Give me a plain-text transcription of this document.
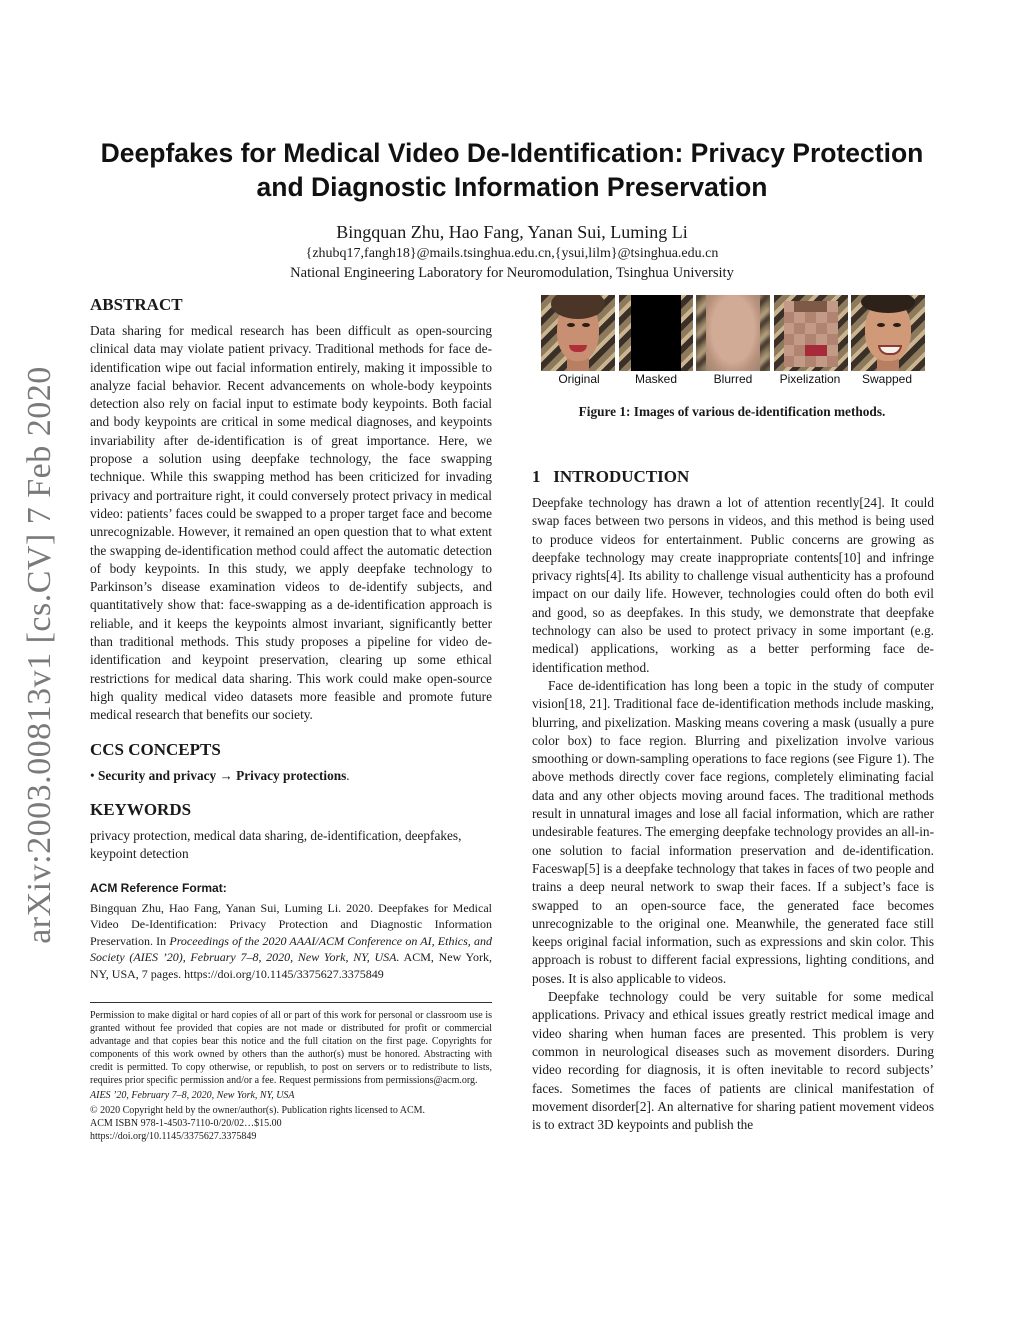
arXiv:2003.00813v1 [cs.CV] 7 Feb 2020
Deepfakes for Medical Video De-Identification: Privacy Protection and Diagnostic Information Preservation
Bingquan Zhu, Hao Fang, Yanan Sui, Luming Li
{zhubq17,fangh18}@mails.tsinghua.edu.cn,{ysui,lilm}@tsinghua.edu.cn
National Engineering Laboratory for Neuromodulation, Tsinghua University
ABSTRACT

Data sharing for medical research has been difficult as open-sourcing clinical data may violate patient privacy. Traditional methods for face de-identification wipe out facial information entirely, making it impossible to analyze facial behavior. Recent advancements on whole-body keypoints detection also rely on facial input to estimate body keypoints. Both facial and body keypoints are critical in some medical diagnoses, and keypoints invariability after de-identification is of great importance. Here, we propose a solution using deepfake technology, the face swapping technique. While this swapping method has been criticized for invading privacy and portraiture right, it could conversely protect privacy in medical video: patients’ faces could be swapped to a proper target face and become unrecognizable. However, it remained an open question that to what extent the swapping de-identification method could affect the automatic detection of body keypoints. In this study, we apply deepfake technology to Parkinson’s disease examination videos to de-identify subjects, and quantitatively show that: face-swapping as a de-identification approach is reliable, and it keeps the keypoints almost invariant, significantly better than traditional methods. This study proposes a pipeline for video de-identification and keypoint preservation, clearing up some ethical restrictions for medical data sharing. This work could make open-source high quality medical video datasets more feasible and promote future medical research that benefits our society.

CCS CONCEPTS

• Security and privacy → Privacy protections.

KEYWORDS

privacy protection, medical data sharing, de-identification, deepfakes, keypoint detection

ACM Reference Format:

Bingquan Zhu, Hao Fang, Yanan Sui, Luming Li. 2020. Deepfakes for Medical Video De-Identification: Privacy Protection and Diagnostic Information Preservation. In Proceedings of the 2020 AAAI/ACM Conference on AI, Ethics, and Society (AIES ’20), February 7–8, 2020, New York, NY, USA. ACM, New York, NY, USA, 7 pages. https://doi.org/10.1145/3375627.3375849

Permission to make digital or hard copies of all or part of this work for personal or classroom use is granted without fee provided that copies are not made or distributed for profit or commercial advantage and that copies bear this notice and the full citation on the first page. Copyrights for components of this work owned by others than the author(s) must be honored. Abstracting with credit is permitted. To copy otherwise, or republish, to post on servers or to redistribute to lists, requires prior specific permission and/or a fee. Request permissions from permissions@acm.org.

AIES ’20, February 7–8, 2020, New York, NY, USA

© 2020 Copyright held by the owner/author(s). Publication rights licensed to ACM.

ACM ISBN 978-1-4503-7110-0/20/02…$15.00

https://doi.org/10.1145/3375627.3375849

Original	Masked	Blurred	Pixelization	Swapped
Figure 1: Images of various de-identification methods.
1   INTRODUCTION

Deepfake technology has drawn a lot of attention recently[24]. It could swap faces between two persons in videos, and this method is being used to produce videos for entertainment. Public concerns are growing as deepfake technology may create inappropriate contents[10] and infringe privacy rights[4]. Its ability to challenge visual authenticity has a profound impact on our daily life. However, technologies could often do both evil and good, so as deepfakes. In this study, we demonstrate that deepfake technology can also be used to protect privacy in some important (e.g. medical) applications, working as a better performing face de-identification method.

Face de-identification has long been a topic in the study of computer vision[18, 21]. Traditional face de-identification methods include masking, blurring, and pixelization. Masking means covering a mask (usually a pure color box) to face region. Blurring and pixelization involve various smoothing or down-sampling operations to face regions (see Figure 1). The above methods directly cover face regions, completely eliminating facial data and any other objects moving around faces. The traditional methods result in unnatural images and lose all facial information, which are rather undesirable features. The emerging deepfake technology provides an all-in-one solution to facial information preservation and de-identification. Faceswap[5] is a deepfake technology that takes in faces of two people and trains a deep neural network to swap their faces. If a subject’s face is swapped to an open-source face, the generated face becomes unrecognizable to the original one. Meanwhile, the generated face still keeps original facial information, such as expressions and skin color. This approach is robust to different facial expressions, lighting conditions, and poses. It is also applicable to videos.

Deepfake technology could be very suitable for some medical applications. Privacy and ethical issues greatly restrict medical image and video sharing when human faces are presented. This problem is very common in neurological diseases such as movement disorders. During video recording for diagnosis, it is often inevitable to record subjects’ faces. Sometimes the faces of patients are clinical manifestation of movement disorder[2]. An alternative for sharing patient movement videos is to extract 3D keypoints and publish the
